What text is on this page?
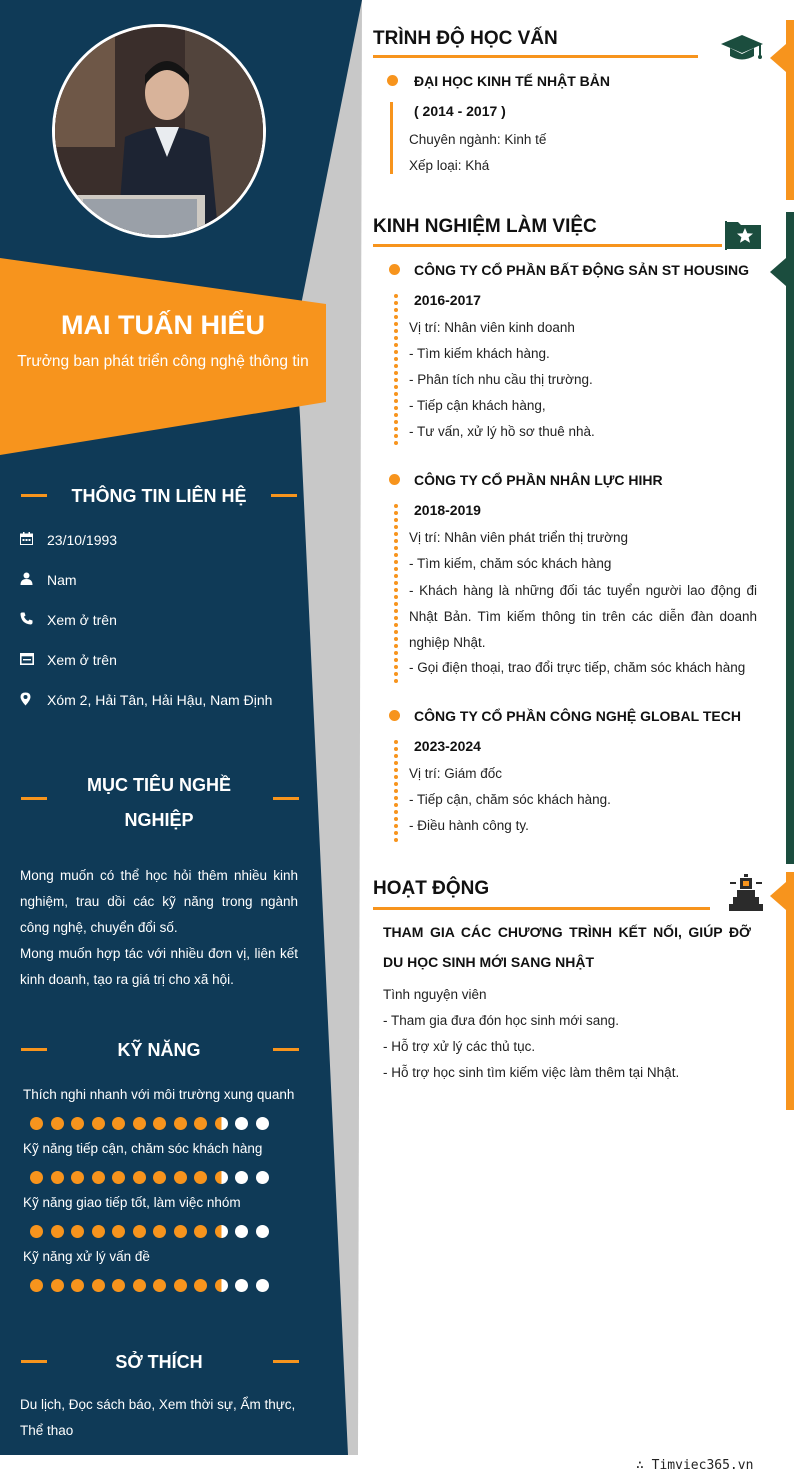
MAI TUẤN HIỂU
Trưởng ban phát triển công nghệ thông tin
THÔNG TIN LIÊN HỆ
23/10/1993
Nam
Xem ở trên
Xem ở trên
Xóm 2, Hải Tân, Hải Hậu, Nam Định
MỤC TIÊU NGHỀ
NGHIỆP
Mong muốn có thể học hỏi thêm nhiều kinh nghiệm, trau dồi các kỹ năng trong ngành công nghệ, chuyển đổi số.
Mong muốn hợp tác với nhiều đơn vị, liên kết kinh doanh, tạo ra giá trị cho xã hội.
KỸ NĂNG
Thích nghi nhanh với môi trường xung quanh
Kỹ năng tiếp cận, chăm sóc khách hàng
Kỹ năng giao tiếp tốt, làm việc nhóm
Kỹ năng xử lý vấn đề
SỞ THÍCH
Du lịch, Đọc sách báo, Xem thời sự, Ẩm thực, Thể thao
TRÌNH ĐỘ HỌC VẤN
ĐẠI HỌC KINH TẾ NHẬT BẢN
( 2014 - 2017 )
Chuyên ngành: Kinh tế
Xếp loại: Khá
KINH NGHIỆM LÀM VIỆC
CÔNG TY CỔ PHẦN BẤT ĐỘNG SẢN ST HOUSING
2016-2017
Vị trí: Nhân viên kinh doanh
- Tìm kiếm khách hàng.
- Phân tích nhu cầu thị trường.
- Tiếp cận khách hàng,
- Tư vấn, xử lý hồ sơ thuê nhà.
CÔNG TY CỔ PHẦN NHÂN LỰC HIHR
2018-2019
Vị trí: Nhân viên phát triển thị trường
- Tìm kiếm, chăm sóc khách hàng
- Khách hàng là những đối tác tuyển người lao động đi Nhật Bản. Tìm kiếm thông tin trên các diễn đàn doanh nghiệp Nhật.
- Gọi điện thoại, trao đổi trực tiếp, chăm sóc khách hàng
CÔNG TY CỔ PHẦN CÔNG NGHỆ GLOBAL TECH
2023-2024
Vị trí: Giám đốc
- Tiếp cận, chăm sóc khách hàng.
- Điều hành công ty.
HOẠT ĐỘNG
THAM GIA CÁC CHƯƠNG TRÌNH KẾT NỐI, GIÚP ĐỠ DU HỌC SINH MỚI SANG NHẬT
Tình nguyện viên
- Tham gia đưa đón học sinh mới sang.
- Hỗ trợ xử lý các thủ tục.
- Hỗ trợ học sinh tìm kiếm việc làm thêm tại Nhật.
∴ Timviec365.vn
